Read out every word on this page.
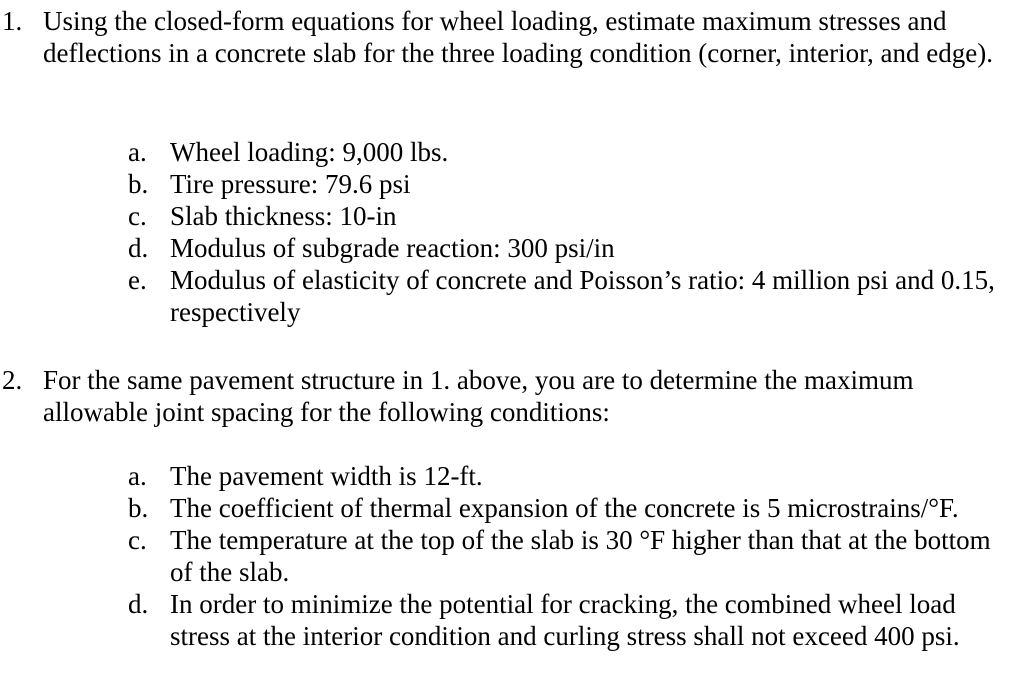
1. Using the closed-form equations for wheel loading, estimate maximum stresses and deflections in a concrete slab for the three loading condition (corner, interior, and edge).
a. Wheel loading: 9,000 lbs.
b. Tire pressure: 79.6 psi
c. Slab thickness: 10-in
d. Modulus of subgrade reaction: 300 psi/in
e. Modulus of elasticity of concrete and Poisson’s ratio: 4 million psi and 0.15, respectively
2. For the same pavement structure in 1. above, you are to determine the maximum allowable joint spacing for the following conditions:
a. The pavement width is 12-ft.
b. The coefficient of thermal expansion of the concrete is 5 microstrains/°F.
c. The temperature at the top of the slab is 30 °F higher than that at the bottom of the slab.
d. In order to minimize the potential for cracking, the combined wheel load stress at the interior condition and curling stress shall not exceed 400 psi.
